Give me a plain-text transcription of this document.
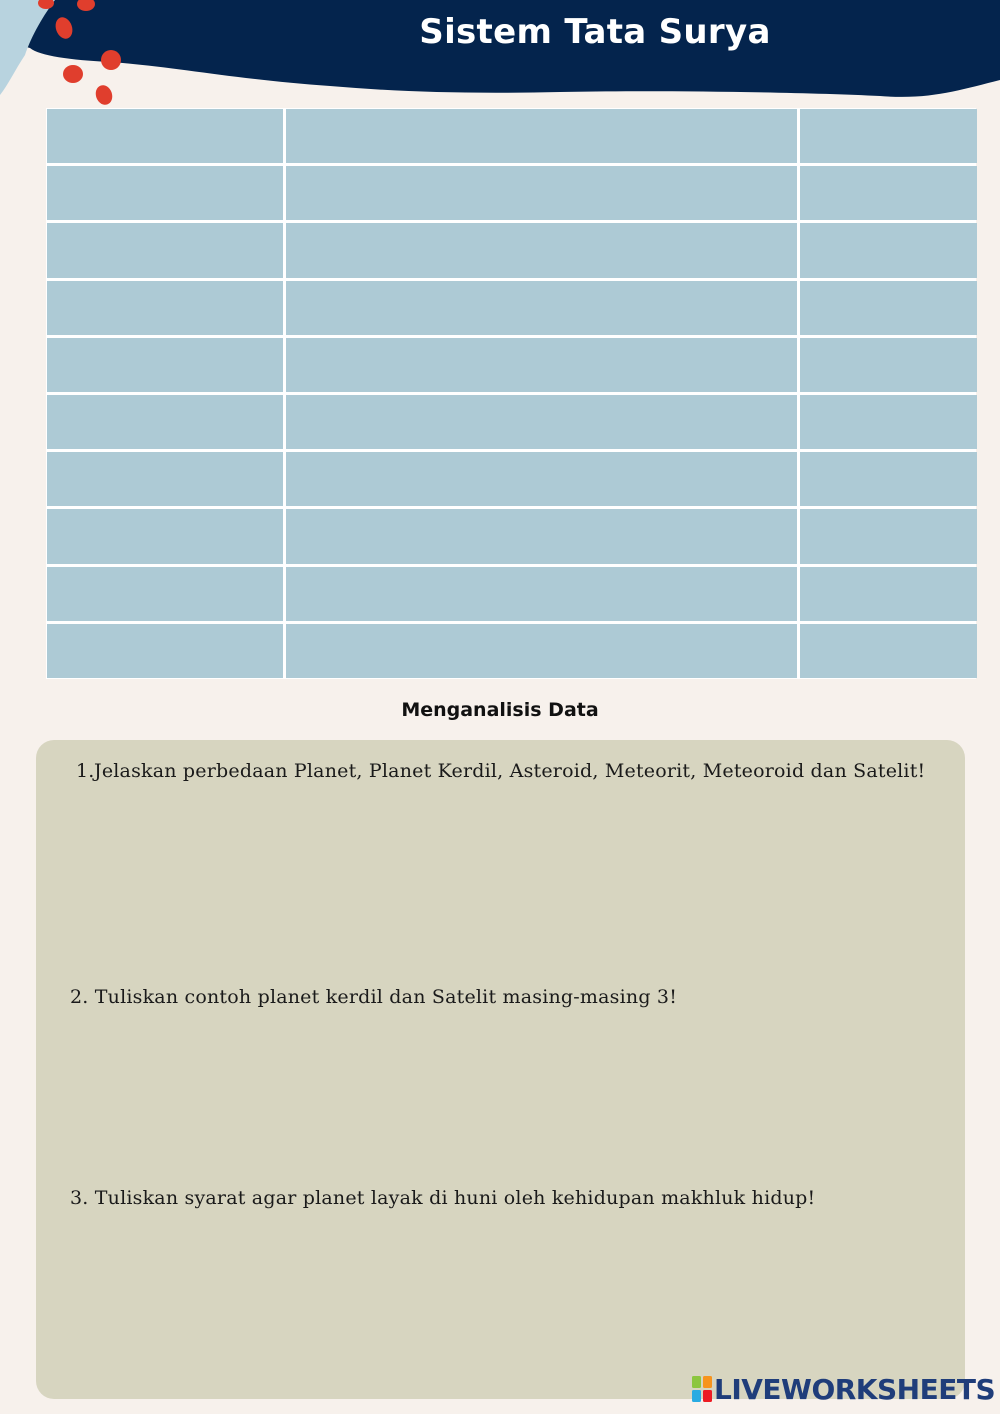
Sistem Tata Surya
Menganalisis Data
1.Jelaskan perbedaan Planet, Planet Kerdil, Asteroid, Meteorit, Meteoroid dan Satelit!
2. Tuliskan contoh planet kerdil dan Satelit masing-masing 3!
3. Tuliskan syarat agar planet layak di huni oleh kehidupan makhluk hidup!
LIVEWORKSHEETS
